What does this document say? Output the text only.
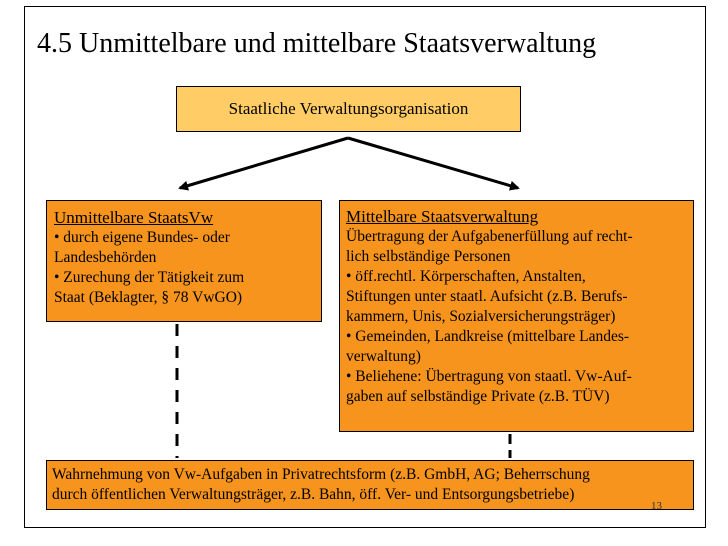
4.5 Unmittelbare und mittelbare Staatsverwaltung
Staatliche Verwaltungsorganisation
Unmittelbare StaatsVw
• durch eigene Bundes- oder
Landesbehörden
• Zurechung der Tätigkeit zum
Staat (Beklagter, § 78 VwGO)
Mittelbare Staatsverwaltung
Übertragung der Aufgabenerfüllung auf recht-
lich selbständige Personen
• öff.rechtl. Körperschaften, Anstalten,
Stiftungen unter staatl. Aufsicht (z.B. Berufs-
kammern, Unis, Sozialversicherungsträger)
• Gemeinden, Landkreise (mittelbare Landes-
verwaltung)
• Beliehene: Übertragung von staatl. Vw-Auf-
gaben auf selbständige Private (z.B. TÜV)
Wahrnehmung von Vw-Aufgaben in Privatrechtsform (z.B. GmbH, AG; Beherrschung
durch öffentlichen Verwaltungsträger, z.B. Bahn, öff. Ver- und Entsorgungsbetriebe)
13
